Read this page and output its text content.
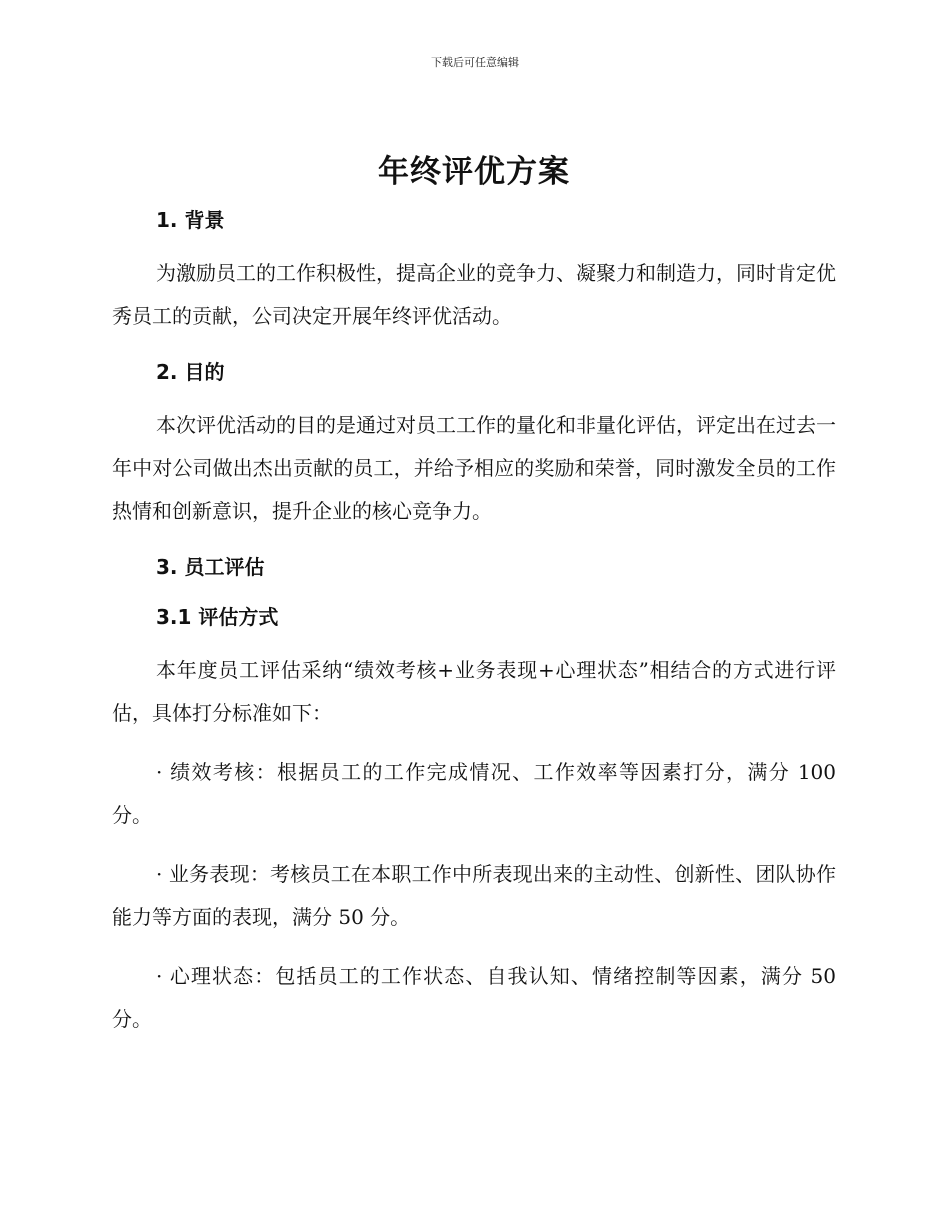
下载后可任意编辑
年终评优方案
1. 背景

为激励员工的工作积极性，提高企业的竞争力、凝聚力和制造力，同时肯定优秀员工的贡献，公司决定开展年终评优活动。

2. 目的

本次评优活动的目的是通过对员工工作的量化和非量化评估，评定出在过去一年中对公司做出杰出贡献的员工，并给予相应的奖励和荣誉，同时激发全员的工作热情和创新意识，提升企业的核心竞争力。

3. 员工评估
3.1 评估方式

本年度员工评估采纳“绩效考核+业务表现+心理状态”相结合的方式进行评估，具体打分标准如下：

· 绩效考核：根据员工的工作完成情况、工作效率等因素打分，满分 100 分。

· 业务表现：考核员工在本职工作中所表现出来的主动性、创新性、团队协作能力等方面的表现，满分 50 分。

· 心理状态：包括员工的工作状态、自我认知、情绪控制等因素，满分 50 分。
